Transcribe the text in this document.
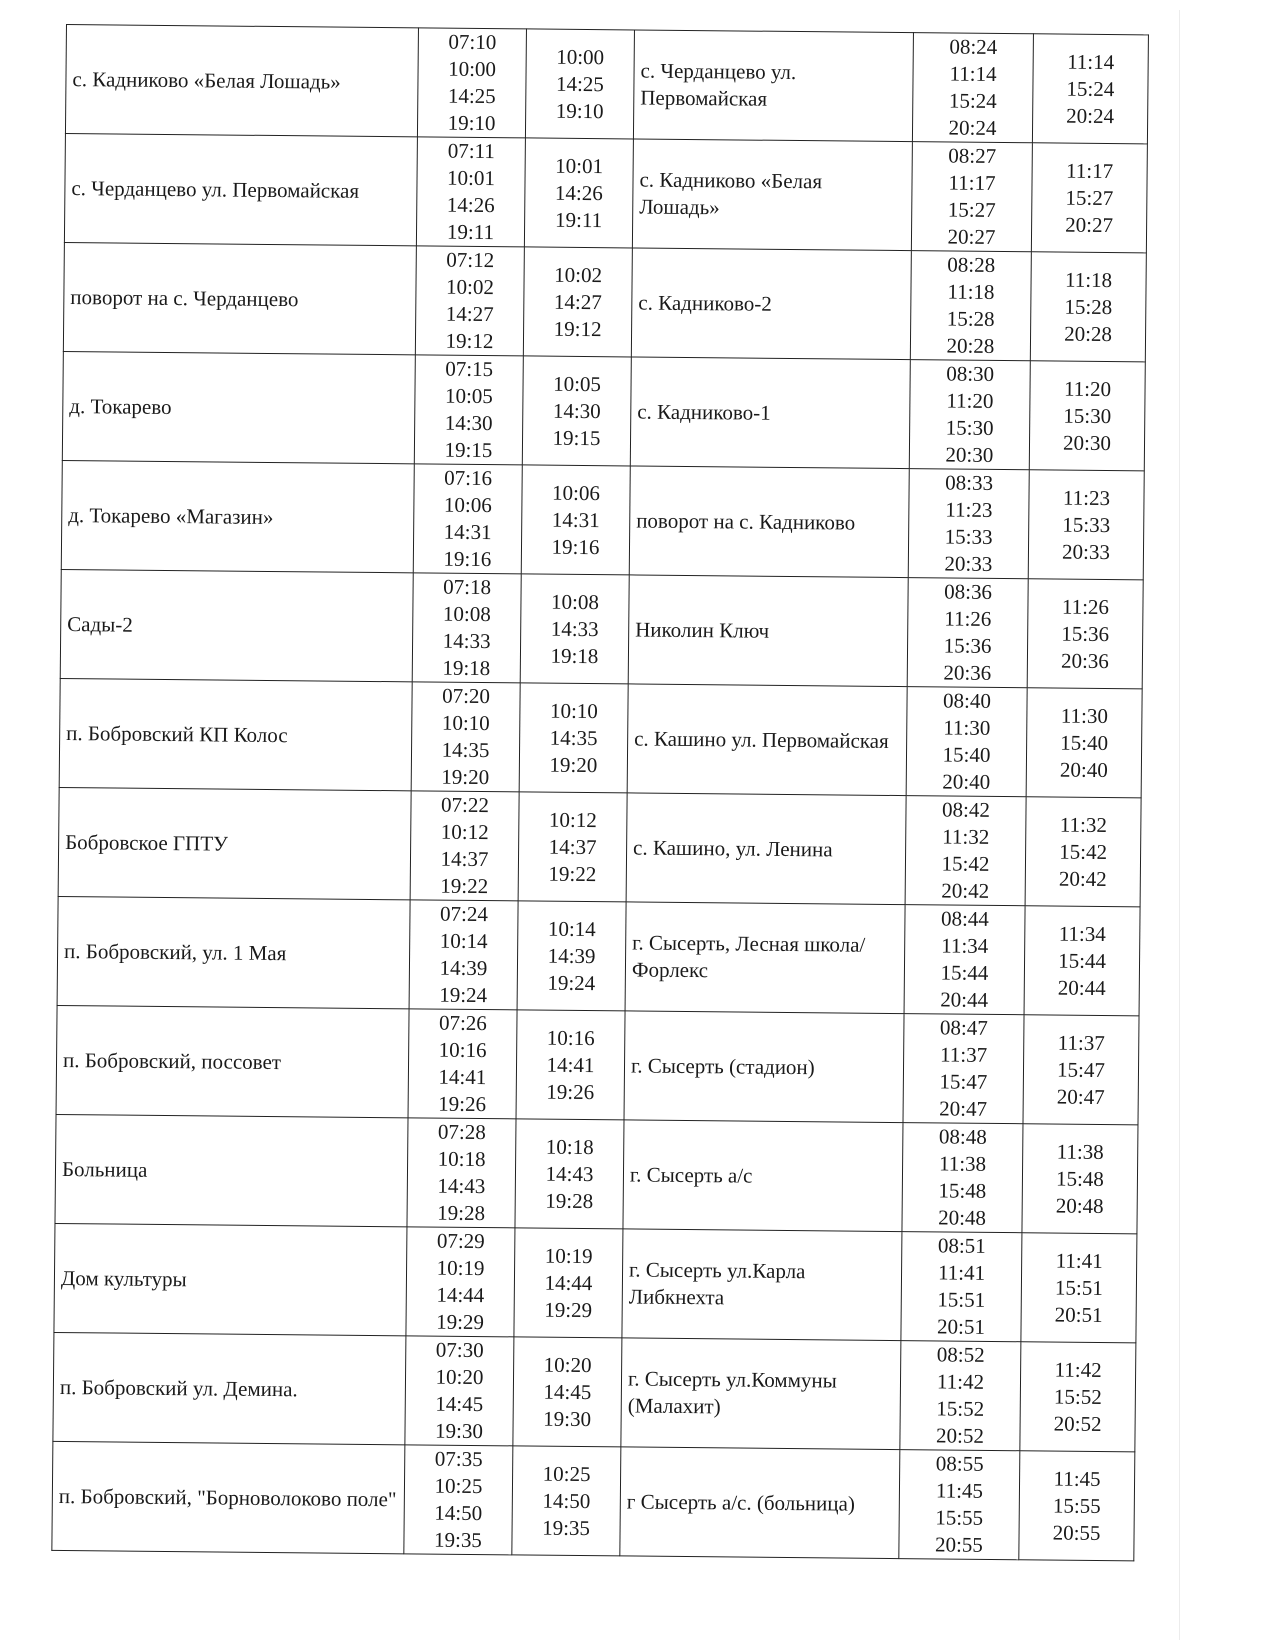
с. Кадниково «Белая Лошадь»	07:10
10:00
14:25
19:10	10:00
14:25
19:10	с. Черданцево ул. Первомайская	08:24
11:14
15:24
20:24	11:14
15:24
20:24

с. Черданцево ул. Первомайская	07:11
10:01
14:26
19:11	10:01
14:26
19:11	с. Кадниково «Белая Лошадь»	08:27
11:17
15:27
20:27	11:17
15:27
20:27

поворот на с. Черданцево	07:12
10:02
14:27
19:12	10:02
14:27
19:12	с. Кадниково-2	08:28
11:18
15:28
20:28	11:18
15:28
20:28

д. Токарево	07:15
10:05
14:30
19:15	10:05
14:30
19:15	с. Кадниково-1	08:30
11:20
15:30
20:30	11:20
15:30
20:30

д. Токарево «Магазин»	07:16
10:06
14:31
19:16	10:06
14:31
19:16	поворот на с. Кадниково	08:33
11:23
15:33
20:33	11:23
15:33
20:33

Сады-2	07:18
10:08
14:33
19:18	10:08
14:33
19:18	Николин Ключ	08:36
11:26
15:36
20:36	11:26
15:36
20:36

п. Бобровский КП Колос	07:20
10:10
14:35
19:20	10:10
14:35
19:20	с. Кашино ул. Первомайская	08:40
11:30
15:40
20:40	11:30
15:40
20:40

Бобровское ГПТУ	07:22
10:12
14:37
19:22	10:12
14:37
19:22	с. Кашино, ул. Ленина	08:42
11:32
15:42
20:42	11:32
15:42
20:42

п. Бобровский, ул. 1 Мая	07:24
10:14
14:39
19:24	10:14
14:39
19:24	г. Сысерть, Лесная школа/Форлекс	08:44
11:34
15:44
20:44	11:34
15:44
20:44

п. Бобровский, поссовет	07:26
10:16
14:41
19:26	10:16
14:41
19:26	г. Сысерть (стадион)	08:47
11:37
15:47
20:47	11:37
15:47
20:47

Больница	07:28
10:18
14:43
19:28	10:18
14:43
19:28	г. Сысерть а/с	08:48
11:38
15:48
20:48	11:38
15:48
20:48

Дом культуры	07:29
10:19
14:44
19:29	10:19
14:44
19:29	г. Сысерть ул.Карла Либкнехта	08:51
11:41
15:51
20:51	11:41
15:51
20:51

п. Бобровский ул. Демина.	07:30
10:20
14:45
19:30	10:20
14:45
19:30	г. Сысерть ул.Коммуны (Малахит)	08:52
11:42
15:52
20:52	11:42
15:52
20:52

п. Бобровский, "Борноволоково поле"	07:35
10:25
14:50
19:35	10:25
14:50
19:35	г Сысерть а/с. (больница)	08:55
11:45
15:55
20:55	11:45
15:55
20:55
